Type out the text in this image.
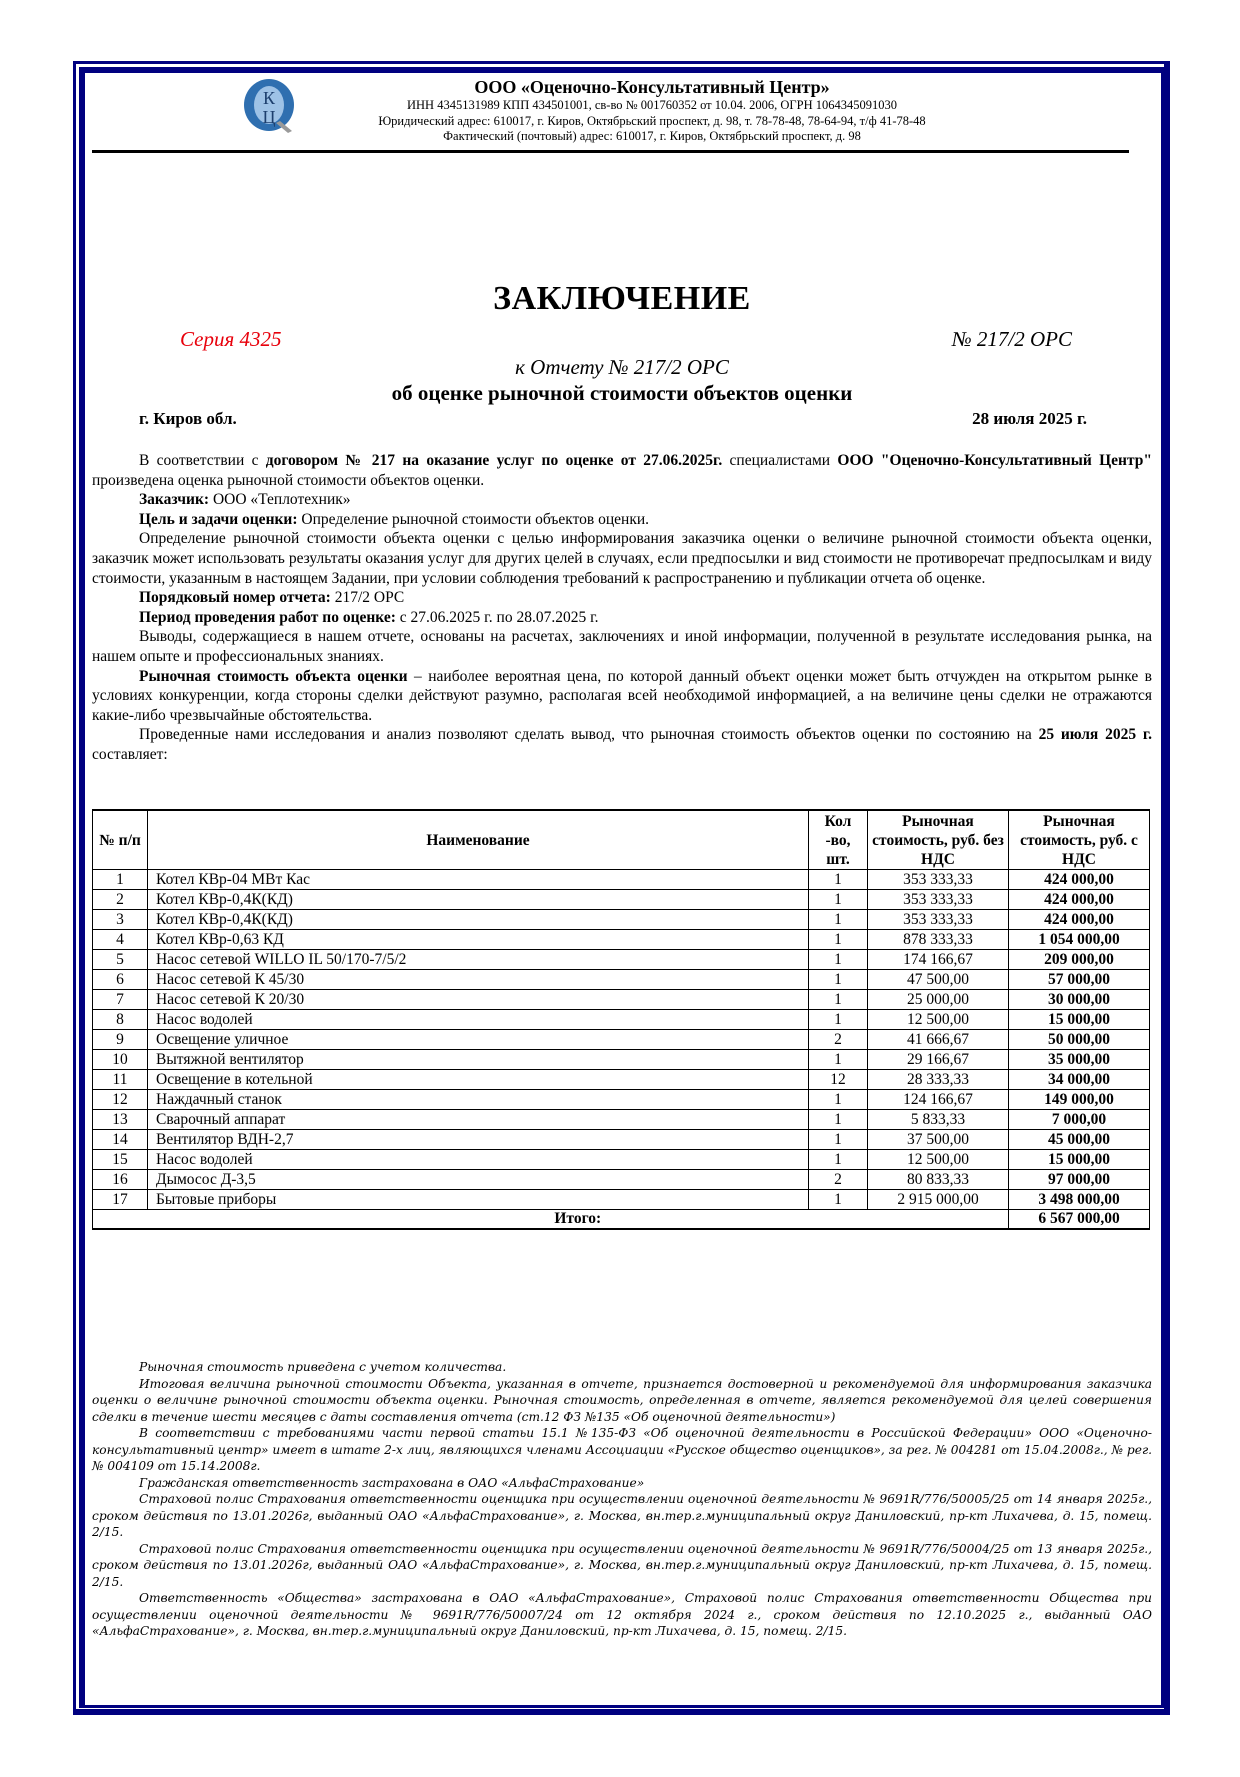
К
Ц
ООО «Оценочно-Консультативный Центр»
ИНН 4345131989 КПП 434501001, св-во № 001760352 от 10.04. 2006, ОГРН 1064345091030
Юридический адрес: 610017, г. Киров, Октябрьский проспект, д. 98, т. 78-78-48, 78-64-94, т/ф 41-78-48
Фактический (почтовый) адрес: 610017, г. Киров, Октябрьский проспект, д. 98
ЗАКЛЮЧЕНИЕ
Серия 4325	№ 217/2 ОРС
к Отчету № 217/2 ОРС
об оценке рыночной стоимости объектов оценки
г. Киров обл.	28 июля 2025 г.

В соответствии с договором № 217 на оказание услуг по оценке от 27.06.2025г. специалистами ООО "Оценочно-Консультативный Центр" произведена оценка рыночной стоимости объектов оценки.

Заказчик: ООО «Теплотехник»

Цель и задачи оценки: Определение рыночной стоимости объектов оценки.

Определение рыночной стоимости объекта оценки с целью информирования заказчика оценки о величине рыночной стоимости объекта оценки, заказчик может использовать результаты оказания услуг для других целей в случаях, если предпосылки и вид стоимости не противоречат предпосылкам и виду стоимости, указанным в настоящем Задании, при условии соблюдения требований к распространению и публикации отчета об оценке.

Порядковый номер отчета: 217/2 ОРС

Период проведения работ по оценке: с 27.06.2025 г. по 28.07.2025 г.

Выводы, содержащиеся в нашем отчете, основаны на расчетах, заключениях и иной информации, полученной в результате исследования рынка, на нашем опыте и профессиональных знаниях.

Рыночная стоимость объекта оценки – наиболее вероятная цена, по которой данный объект оценки может быть отчужден на открытом рынке в условиях конкуренции, когда стороны сделки действуют разумно, располагая всей необходимой информацией, а на величине цены сделки не отражаются какие-либо чрезвычайные обстоятельства.

Проведенные нами исследования и анализ позволяют сделать вывод, что рыночная стоимость объектов оценки по состоянию на 25 июля 2025 г. составляет:

№ п/п	Наименование	Кол -во, шт.	Рыночная стоимость, руб. без НДС	Рыночная стоимость, руб. с НДС
1	Котел КВр-04 МВт Кас	1	353 333,33	424 000,00
2	Котел КВр-0,4К(КД)	1	353 333,33	424 000,00
3	Котел КВр-0,4К(КД)	1	353 333,33	424 000,00
4	Котел КВр-0,63 КД	1	878 333,33	1 054 000,00
5	Насос сетевой WILLO IL 50/170-7/5/2	1	174 166,67	209 000,00
6	Насос сетевой К 45/30	1	47 500,00	57 000,00
7	Насос сетевой К 20/30	1	25 000,00	30 000,00
8	Насос водолей	1	12 500,00	15 000,00
9	Освещение уличное	2	41 666,67	50 000,00
10	Вытяжной вентилятор	1	29 166,67	35 000,00
11	Освещение в котельной	12	28 333,33	34 000,00
12	Наждачный станок	1	124 166,67	149 000,00
13	Сварочный аппарат	1	5 833,33	7 000,00
14	Вентилятор ВДН-2,7	1	37 500,00	45 000,00
15	Насос водолей	1	12 500,00	15 000,00
16	Дымосос Д-3,5	2	80 833,33	97 000,00
17	Бытовые приборы	1	2 915 000,00	3 498 000,00
	Итого:			6 567 000,00

Рыночная стоимость приведена с учетом количества.

Итоговая величина рыночной стоимости Объекта, указанная в отчете, признается достоверной и рекомендуемой для информирования заказчика оценки о величине рыночной стоимости объекта оценки. Рыночная стоимость, определенная в отчете, является рекомендуемой для целей совершения сделки в течение шести месяцев с даты составления отчета (ст.12 ФЗ №135 «Об оценочной деятельности»)

В соответствии с требованиями части первой статьи 15.1 №135-ФЗ «Об оценочной деятельности в Российской Федерации» ООО «Оценочно-консультативный центр» имеет в штате 2-х лиц, являющихся членами Ассоциации «Русское общество оценщиков», за рег. № 004281 от 15.04.2008г., № рег. № 004109 от 15.14.2008г.

Гражданская ответственность застрахована в ОАО «АльфаСтрахование»

Страховой полис Страхования ответственности оценщика при осуществлении оценочной деятельности № 9691R/776/50005/25 от 14 января 2025г., сроком действия по 13.01.2026г, выданный ОАО «АльфаСтрахование», г. Москва, вн.тер.г.муниципальный округ Даниловский, пр-кт Лихачева, д. 15, помещ. 2/15.

Страховой полис Страхования ответственности оценщика при осуществлении оценочной деятельности № 9691R/776/50004/25 от 13 января 2025г., сроком действия по 13.01.2026г, выданный ОАО «АльфаСтрахование», г. Москва, вн.тер.г.муниципальный округ Даниловский, пр-кт Лихачева, д. 15, помещ. 2/15.

Ответственность «Общества» застрахована в ОАО «АльфаСтрахование», Страховой полис Страхования ответственности Общества при осуществлении оценочной деятельности № 9691R/776/50007/24 от 12 октября 2024 г., сроком действия по 12.10.2025 г., выданный ОАО «АльфаСтрахование», г. Москва, вн.тер.г.муниципальный округ Даниловский, пр-кт Лихачева, д. 15, помещ. 2/15.
